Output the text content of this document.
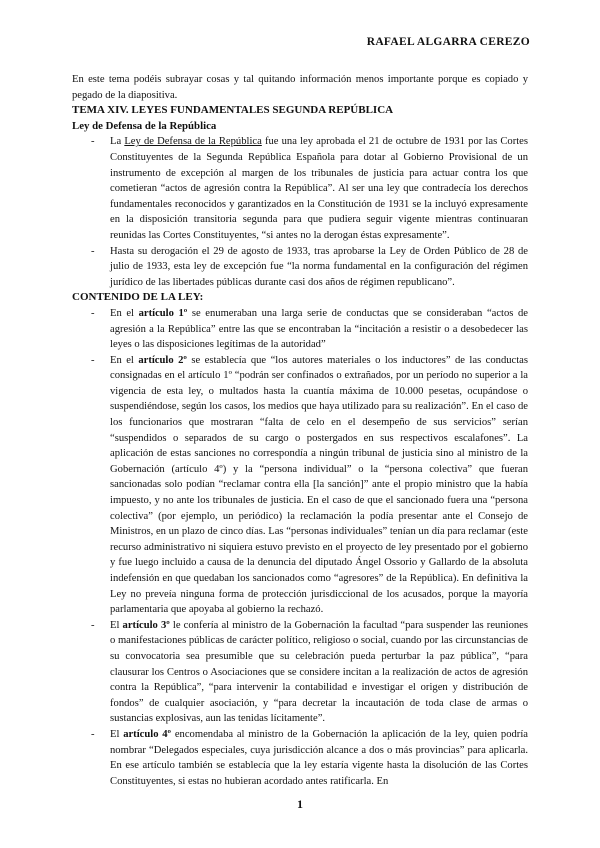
RAFAEL ALGARRA CEREZO

En este tema podéis subrayar cosas y tal quitando información menos importante porque es copiado y pegado de la diapositiva.

TEMA XIV. LEYES FUNDAMENTALES SEGUNDA REPÚBLICA

Ley de Defensa de la República

- La Ley de Defensa de la República fue una ley aprobada el 21 de octubre de 1931 por las Cortes Constituyentes de la Segunda República Española para dotar al Gobierno Provisional de un instrumento de excepción al margen de los tribunales de justicia para actuar contra los que cometieran “actos de agresión contra la República”. Al ser una ley que contradecía los derechos fundamentales reconocidos y garantizados en la Constitución de 1931 se la incluyó expresamente en la disposición transitoria segunda para que pudiera seguir vigente mientras continuaran reunidas las Cortes Constituyentes, “si antes no la derogan éstas expresamente”.
- Hasta su derogación el 29 de agosto de 1933, tras aprobarse la Ley de Orden Público de 28 de julio de 1933, esta ley de excepción fue “la norma fundamental en la configuración del régimen jurídico de las libertades públicas durante casi dos años de régimen republicano”.

CONTENIDO DE LA LEY:

- En el artículo 1º se enumeraban una larga serie de conductas que se consideraban “actos de agresión a la República” entre las que se encontraban la “incitación a resistir o a desobedecer las leyes o las disposiciones legítimas de la autoridad”
- En el artículo 2º se establecía que “los autores materiales o los inductores” de las conductas consignadas en el artículo 1º “podrán ser confinados o extrañados, por un período no superior a la vigencia de esta ley, o multados hasta la cuantía máxima de 10.000 pesetas, ocupándose o suspendiéndose, según los casos, los medios que haya utilizado para su realización”. En el caso de los funcionarios que mostraran “falta de celo en el desempeño de sus servicios” serían “suspendidos o separados de su cargo o postergados en sus respectivos escalafones”. La aplicación de estas sanciones no correspondía a ningún tribunal de justicia sino al ministro de la Gobernación (artículo 4º) y la “persona individual” o la “persona colectiva” que fueran sancionadas solo podían “reclamar contra ella [la sanción]” ante el propio ministro que la había impuesto, y no ante los tribunales de justicia. En el caso de que el sancionado fuera una “persona colectiva” (por ejemplo, un periódico) la reclamación la podía presentar ante el Consejo de Ministros, en un plazo de cinco días. Las “personas individuales” tenían un día para reclamar (este recurso administrativo ni siquiera estuvo previsto en el proyecto de ley presentado por el gobierno y fue luego incluido a causa de la denuncia del diputado Ángel Ossorio y Gallardo de la absoluta indefensión en que quedaban los sancionados como “agresores” de la República). En definitiva la Ley no preveía ninguna forma de protección jurisdiccional de los acusados, porque la mayoría parlamentaria que apoyaba al gobierno la rechazó.
- El artículo 3º le confería al ministro de la Gobernación la facultad “para suspender las reuniones o manifestaciones públicas de carácter político, religioso o social, cuando por las circunstancias de su convocatoria sea presumible que su celebración pueda perturbar la paz pública”, “para clausurar los Centros o Asociaciones que se considere incitan a la realización de actos de agresión contra la República”, “para intervenir la contabilidad e investigar el origen y distribución de fondos” de cualquier asociación, y “para decretar la incautación de toda clase de armas o sustancias explosivas, aun las tenidas lícitamente”.
- El artículo 4º encomendaba al ministro de la Gobernación la aplicación de la ley, quien podría nombrar “Delegados especiales, cuya jurisdicción alcance a dos o más provincias” para aplicarla. En ese artículo también se establecía que la ley estaría vigente hasta la disolución de las Cortes Constituyentes, si estas no hubieran acordado antes ratificarla. En
1
